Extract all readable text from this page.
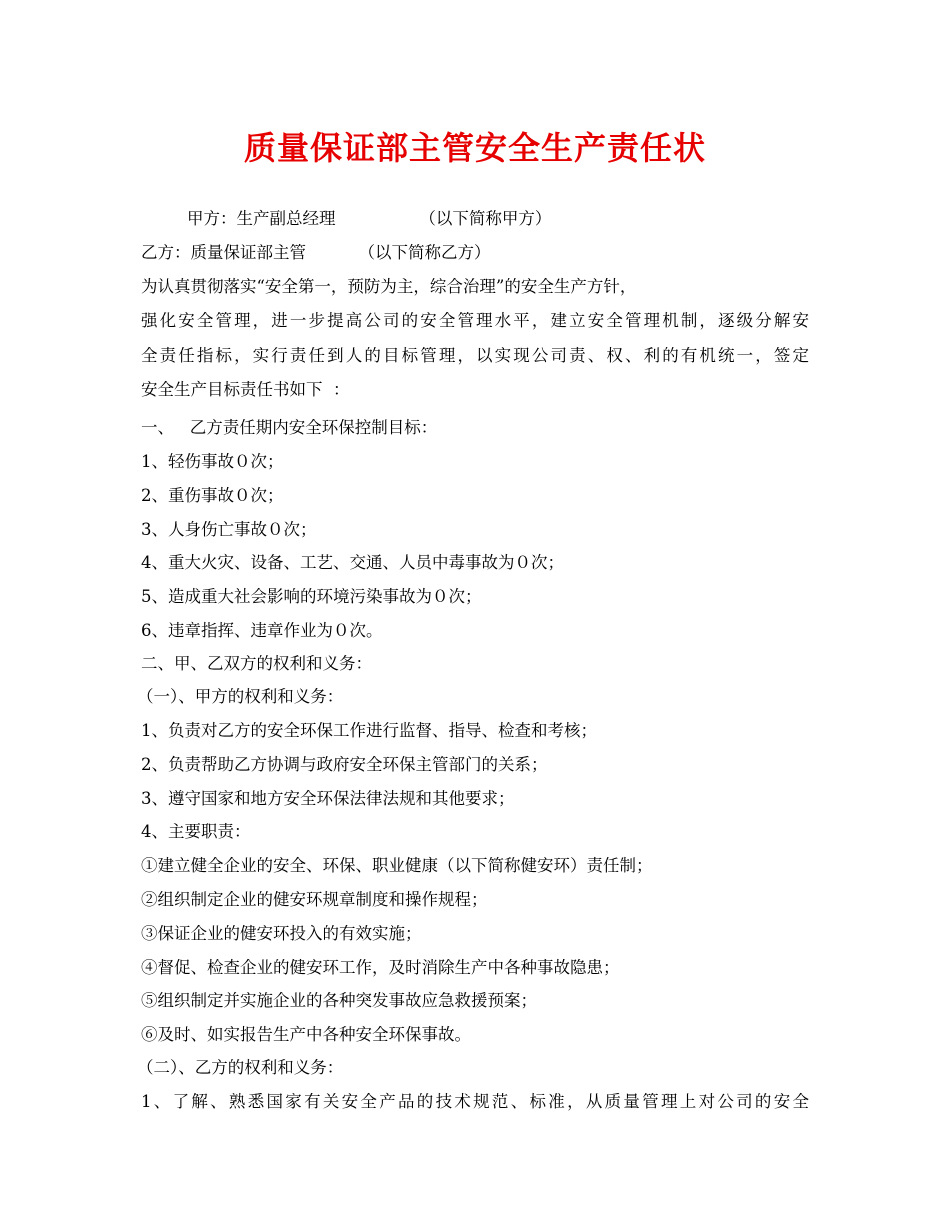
质量保证部主管安全生产责任状
甲方：生产副总经理                （以下简称甲方）
乙方：质量保证部主管          （以下简称乙方）
为认真贯彻落实“安全第一，预防为主，综合治理”的安全生产方针，
强化安全管理，进一步提高公司的安全管理水平，建立安全管理机制，逐级分解安
全责任指标，实行责任到人的目标管理，以实现公司责、权、利的有机统一，签定
安全生产目标责任书如下  ：
一、   乙方责任期内安全环保控制目标：
1、轻伤事故０次；
2、重伤事故０次；
3、人身伤亡事故０次；
4、重大火灾、设备、工艺、交通、人员中毒事故为０次；
5、造成重大社会影响的环境污染事故为０次；
6、违章指挥、违章作业为０次。
二、甲、乙双方的权利和义务：
（一）、甲方的权利和义务：
1、负责对乙方的安全环保工作进行监督、指导、检查和考核；
2、负责帮助乙方协调与政府安全环保主管部门的关系；
3、遵守国家和地方安全环保法律法规和其他要求；
4、主要职责：
①建立健全企业的安全、环保、职业健康（以下简称健安环）责任制；
②组织制定企业的健安环规章制度和操作规程；
③保证企业的健安环投入的有效实施；
④督促、检查企业的健安环工作，及时消除生产中各种事故隐患；
⑤组织制定并实施企业的各种突发事故应急救援预案；
⑥及时、如实报告生产中各种安全环保事故。
（二）、乙方的权利和义务：
1、了解、熟悉国家有关安全产品的技术规范、标准，从质量管理上对公司的安全
